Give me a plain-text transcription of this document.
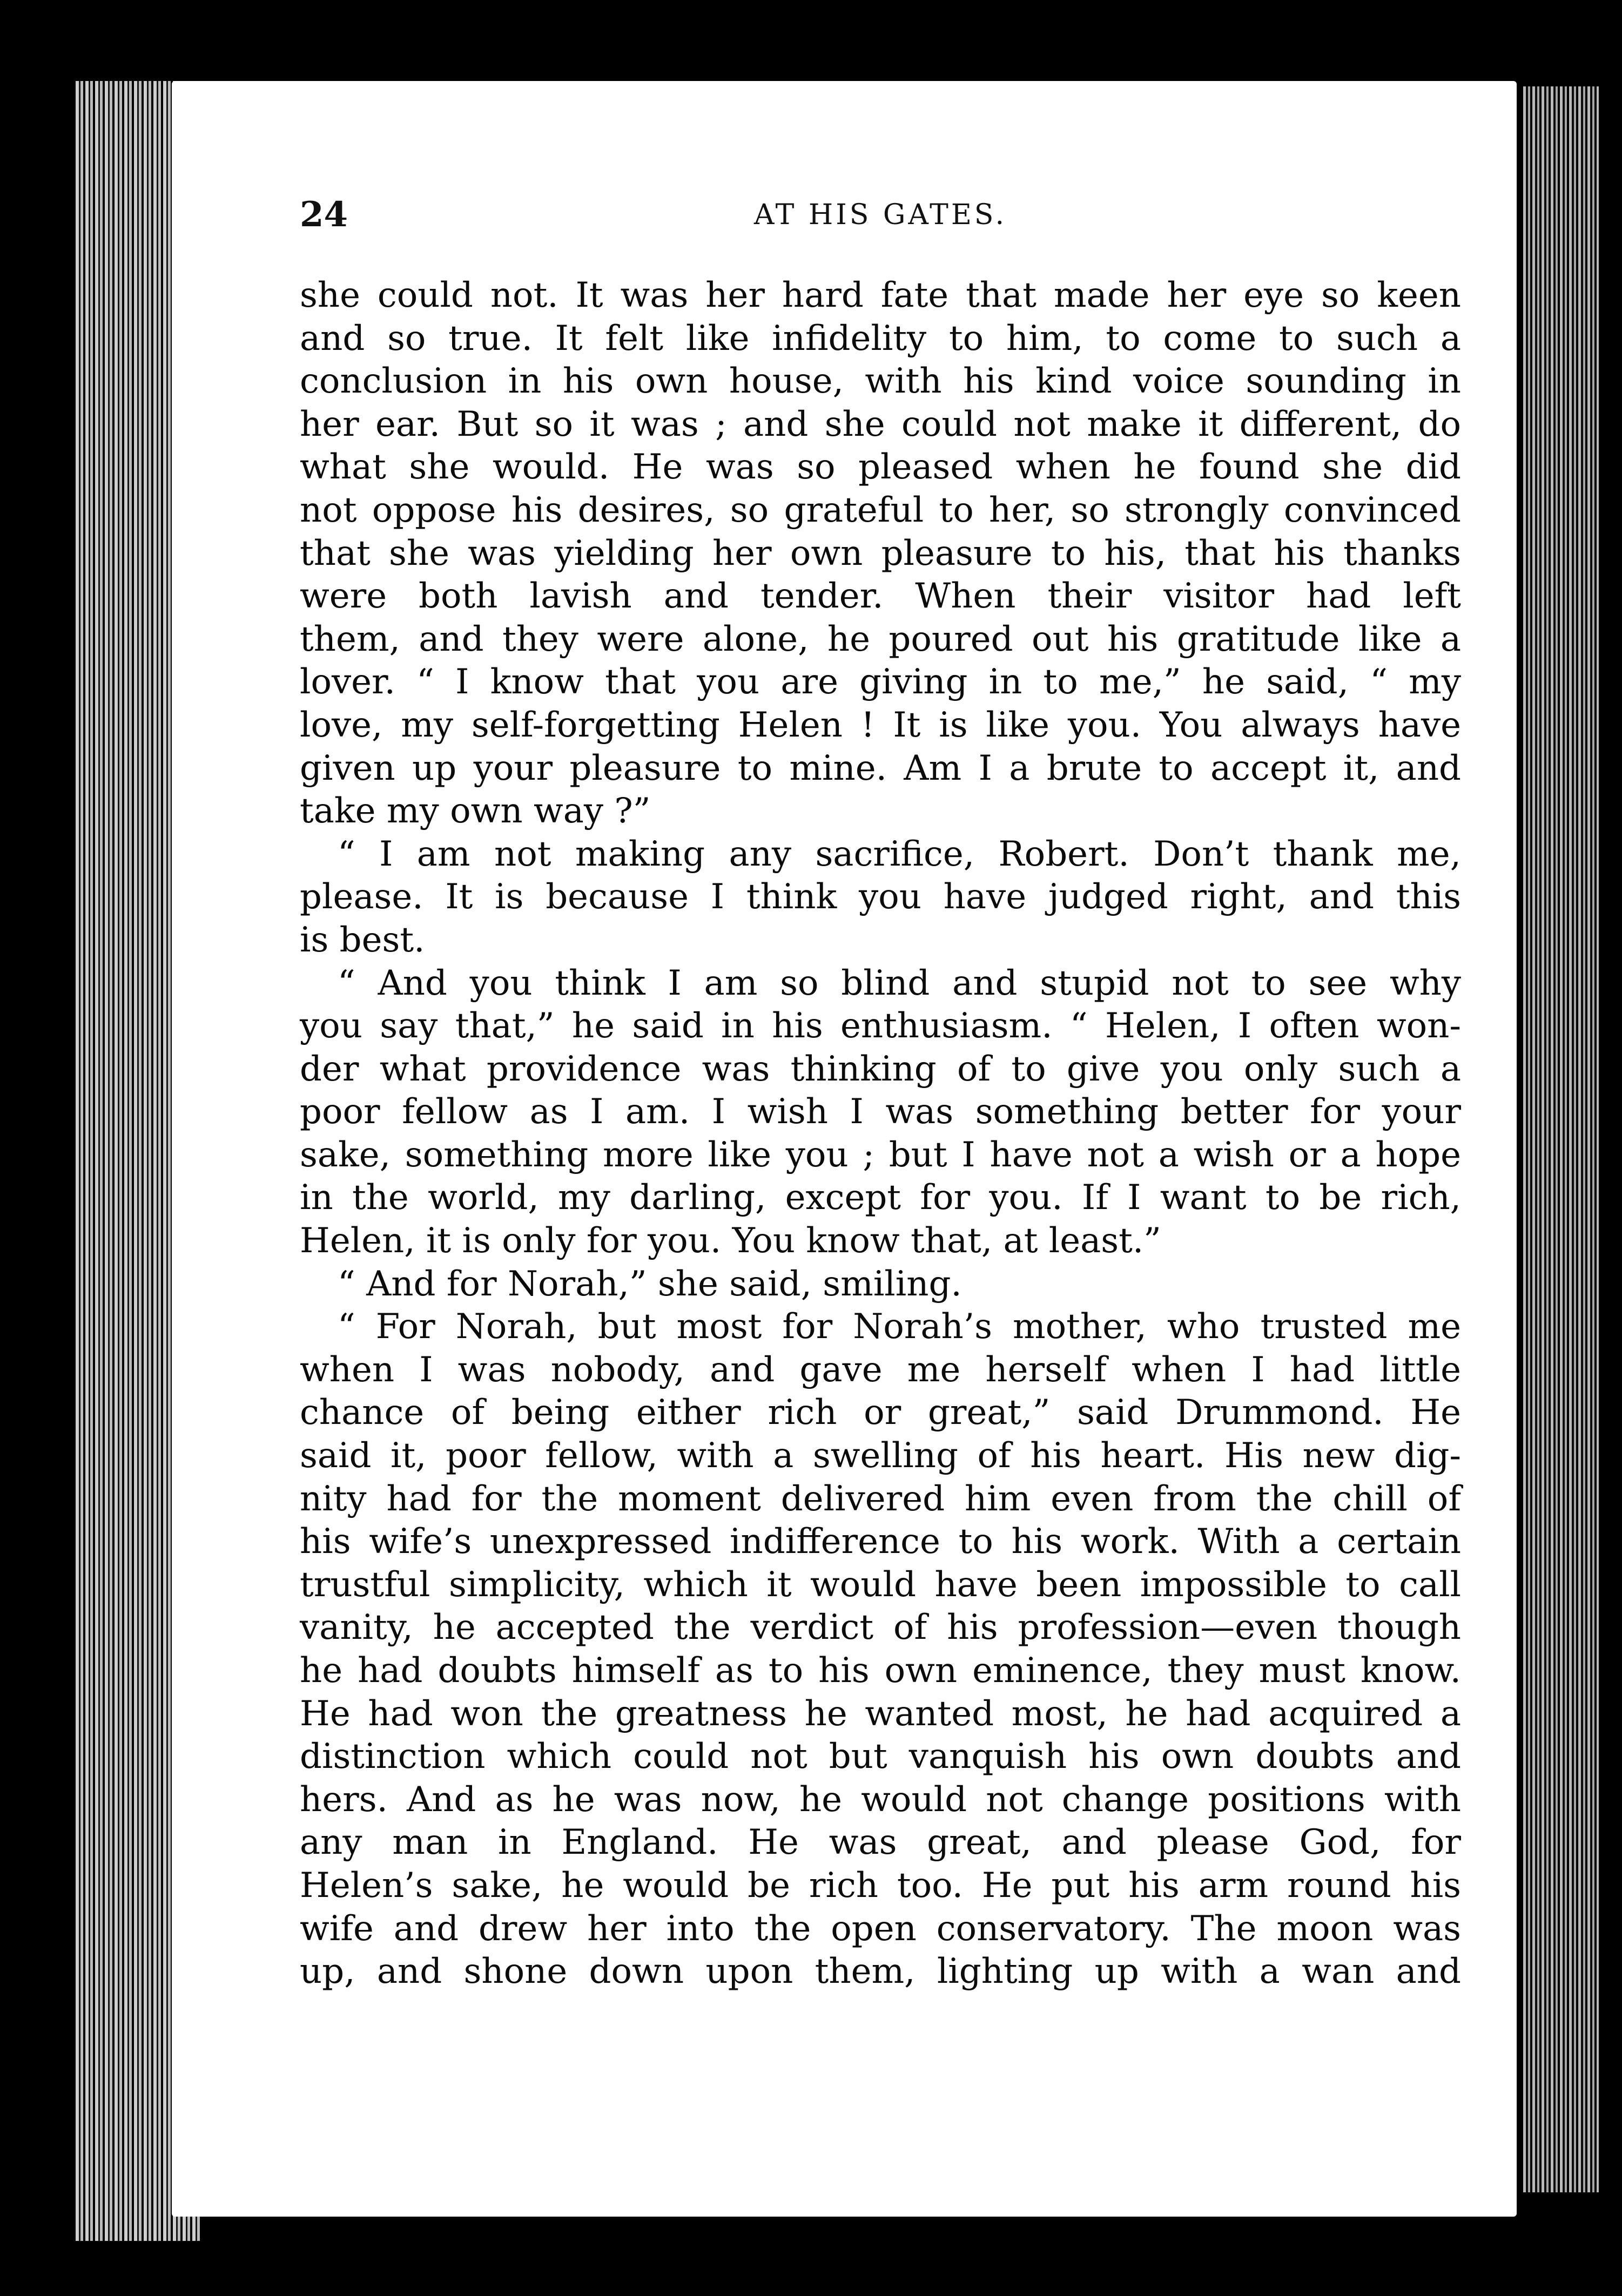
24	AT HIS GATES.
she could not. It was her hard fate that made her eye so keen
and so true. It felt like infidelity to him, to come to such a
conclusion in his own house, with his kind voice sounding in
her ear. But so it was ; and she could not make it different, do
what she would. He was so pleased when he found she did
not oppose his desires, so grateful to her, so strongly convinced
that she was yielding her own pleasure to his, that his thanks
were both lavish and tender. When their visitor had left
them, and they were alone, he poured out his gratitude like a
lover. “ I know that you are giving in to me,” he said, “ my
love, my self-forgetting Helen ! It is like you. You always have
given up your pleasure to mine. Am I a brute to accept it, and
take my own way ?”
“ I am not making any sacrifice, Robert. Don’t thank me,
please. It is because I think you have judged right, and this
is best.
“ And you think I am so blind and stupid not to see why
you say that,” he said in his enthusiasm. “ Helen, I often won-
der what providence was thinking of to give you only such a
poor fellow as I am. I wish I was something better for your
sake, something more like you ; but I have not a wish or a hope
in the world, my darling, except for you. If I want to be rich,
Helen, it is only for you. You know that, at least.”
“ And for Norah,” she said, smiling.
“ For Norah, but most for Norah’s mother, who trusted me
when I was nobody, and gave me herself when I had little
chance of being either rich or great,” said Drummond. He
said it, poor fellow, with a swelling of his heart. His new dig-
nity had for the moment delivered him even from the chill of
his wife’s unexpressed indifference to his work. With a certain
trustful simplicity, which it would have been impossible to call
vanity, he accepted the verdict of his profession—even though
he had doubts himself as to his own eminence, they must know.
He had won the greatness he wanted most, he had acquired a
distinction which could not but vanquish his own doubts and
hers. And as he was now, he would not change positions with
any man in England. He was great, and please God, for
Helen’s sake, he would be rich too. He put his arm round his
wife and drew her into the open conservatory. The moon was
up, and shone down upon them, lighting up with a wan and
